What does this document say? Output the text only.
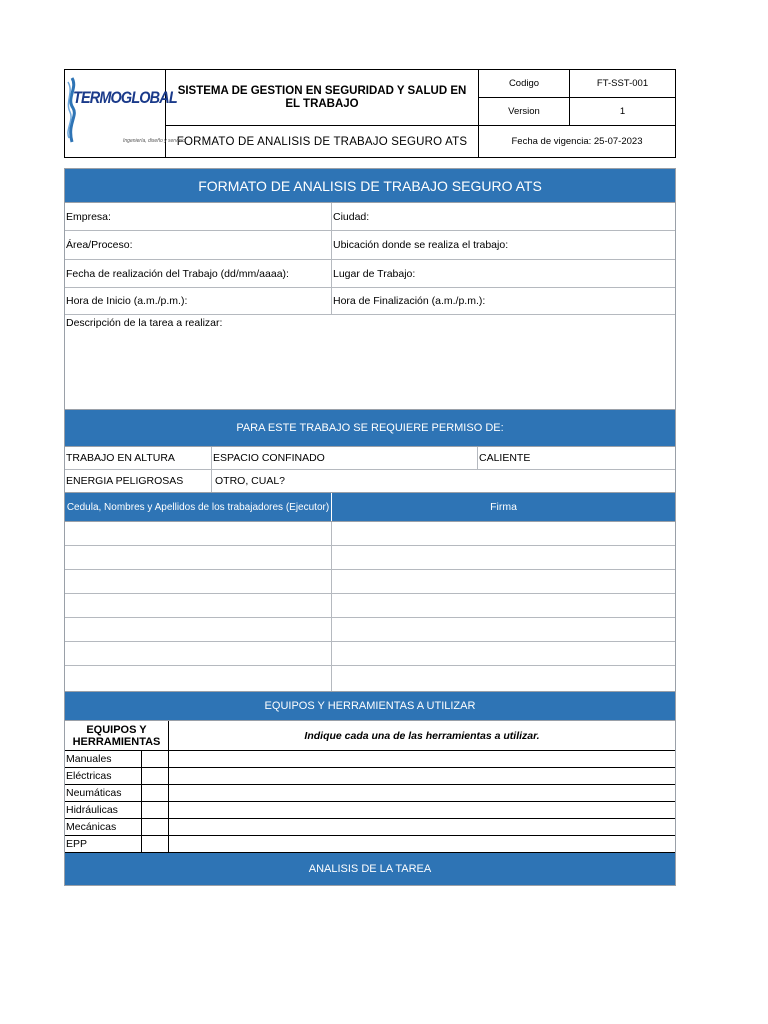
TERMOGLOBAL
Ingeniería, diseño y servicio
SISTEMA DE GESTION EN SEGURIDAD Y SALUD EN EL TRABAJO
FORMATO DE ANALISIS DE TRABAJO SEGURO ATS
Codigo	FT-SST-001
Version	1
Fecha de vigencia: 25-07-2023
FORMATO DE ANALISIS DE TRABAJO SEGURO ATS
Empresa:	Ciudad:
Área/Proceso:	Ubicación donde se realiza el trabajo:
Fecha de realización del Trabajo (dd/mm/aaaa):	Lugar de Trabajo:
Hora de Inicio (a.m./p.m.):	Hora de Finalización (a.m./p.m.):
Descripción de la tarea a realizar:
PARA ESTE TRABAJO SE REQUIERE PERMISO DE:
TRABAJO EN ALTURA	ESPACIO CONFINADO	CALIENTE
ENERGIA PELIGROSAS	OTRO, CUAL?
Cedula, Nombres y Apellidos de los trabajadores (Ejecutor)	Firma
EQUIPOS Y HERRAMIENTAS A UTILIZAR
EQUIPOS Y HERRAMIENTAS	Indique cada una de las herramientas a utilizar.
Manuales
Eléctricas
Neumáticas
Hidráulicas
Mecánicas
EPP
ANALISIS DE LA TAREA
